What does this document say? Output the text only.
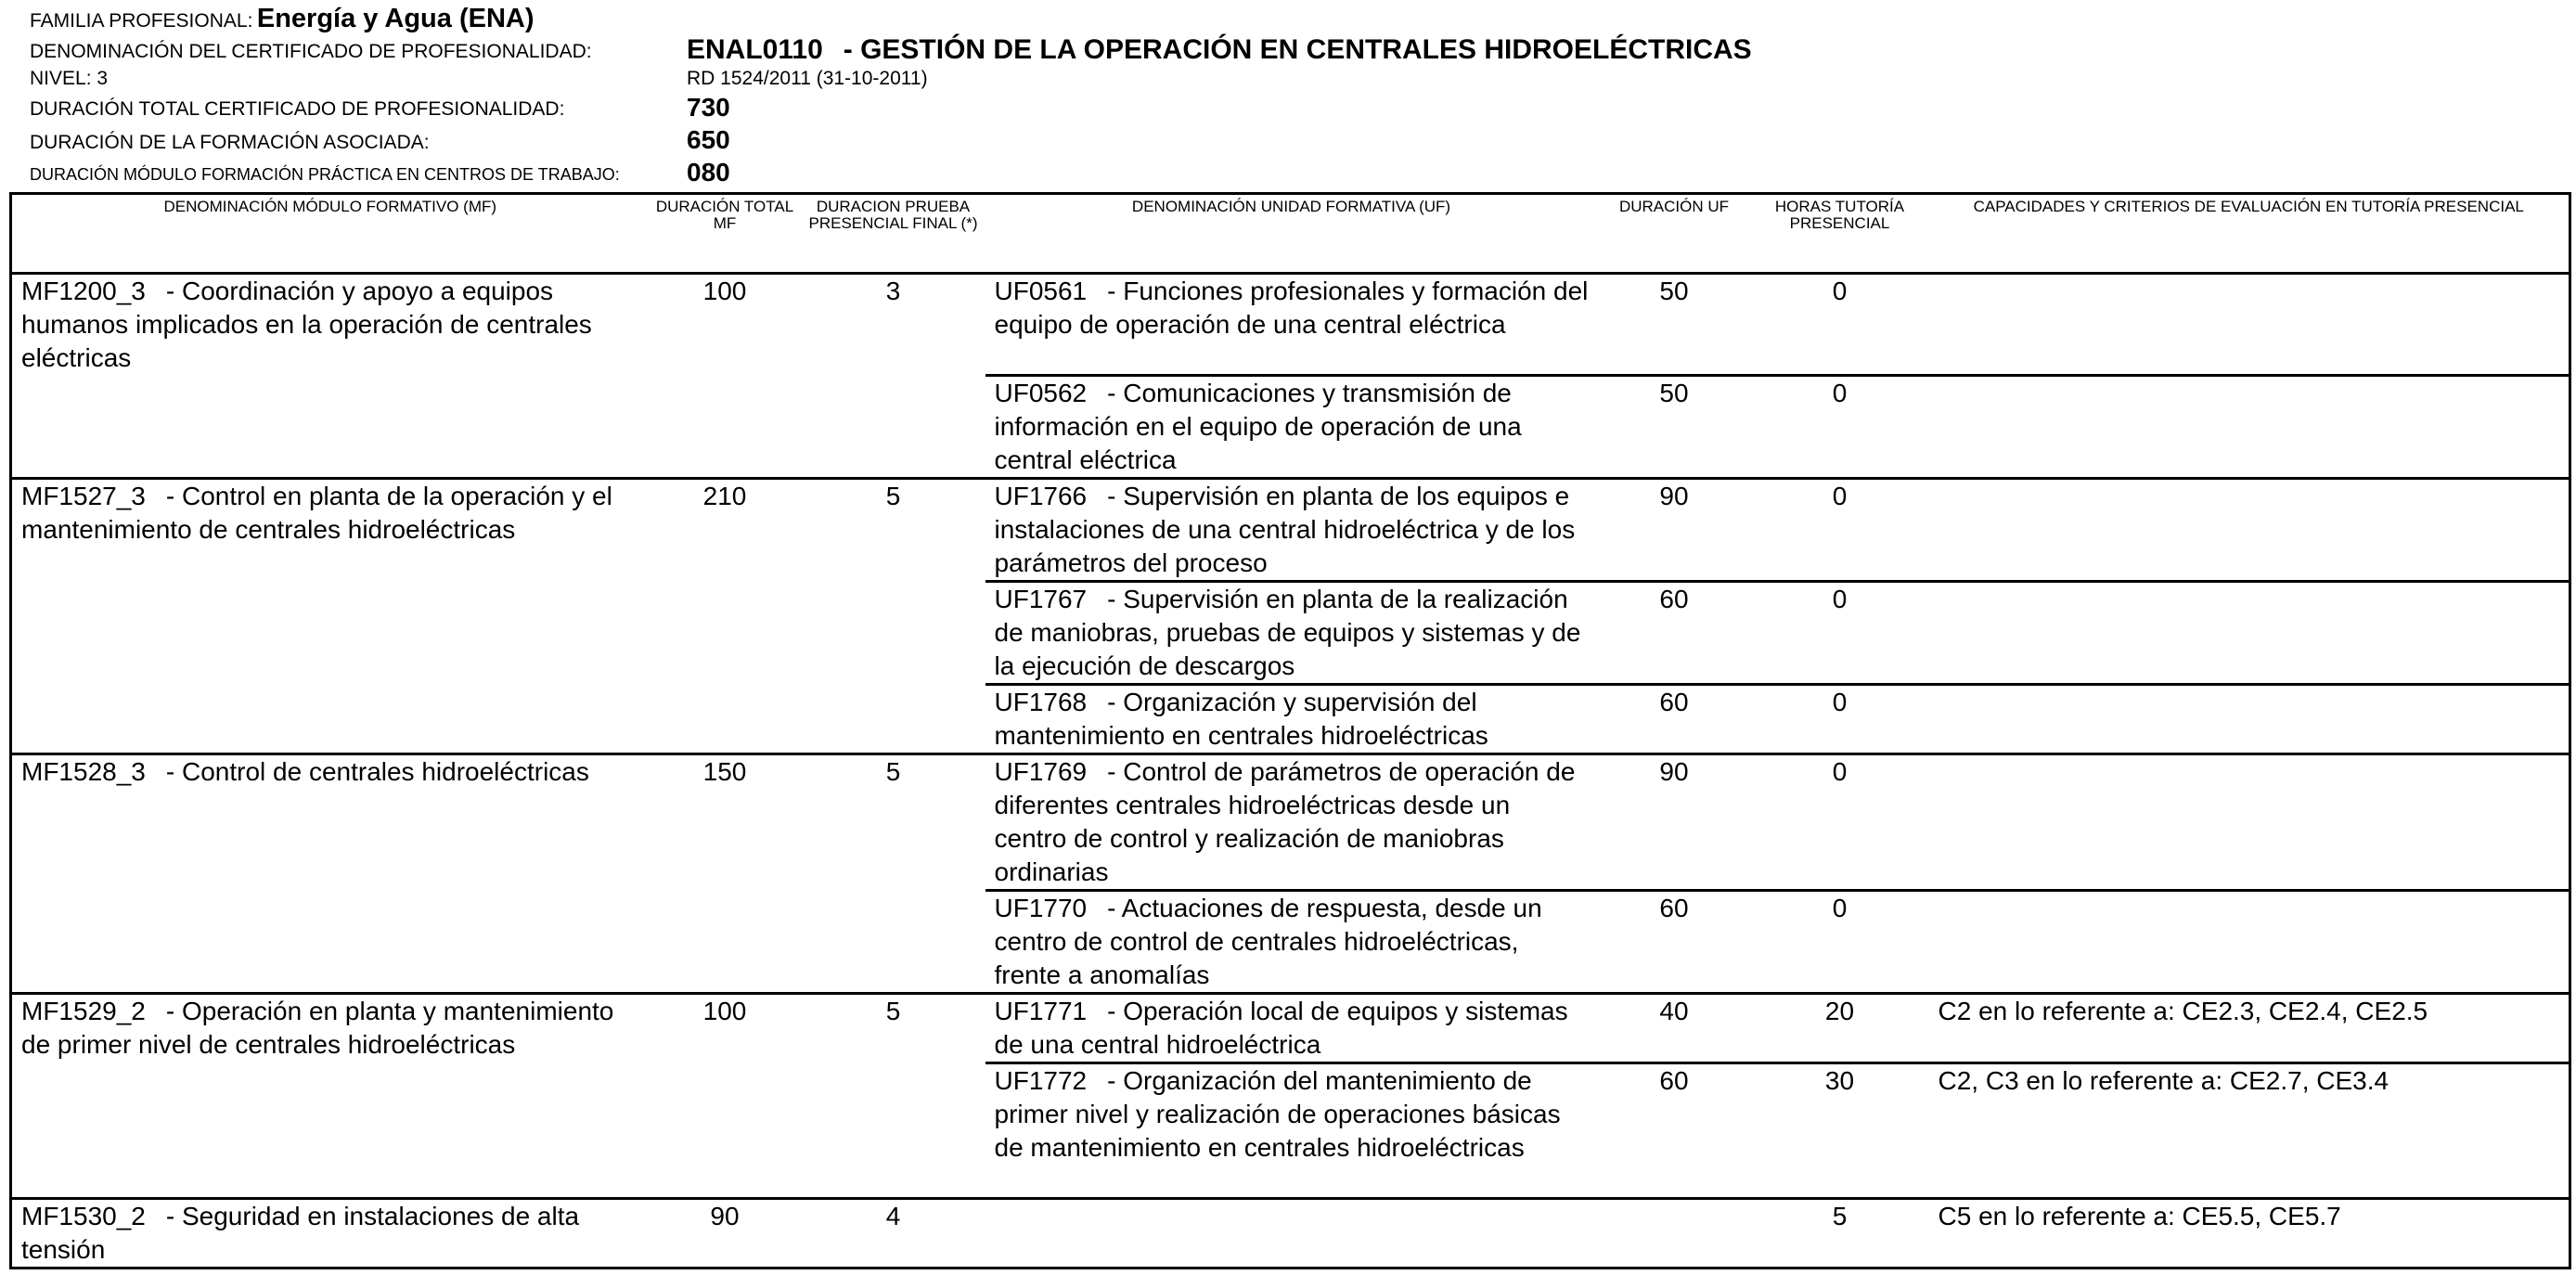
FAMILIA PROFESIONAL: Energía y Agua (ENA)
DENOMINACIÓN DEL CERTIFICADO DE PROFESIONALIDAD:	ENAL0110 - GESTIÓN DE LA OPERACIÓN EN CENTRALES HIDROELÉCTRICAS
NIVEL: 3	RD 1524/2011 (31-10-2011)
DURACIÓN TOTAL CERTIFICADO DE PROFESIONALIDAD:	730
DURACIÓN DE LA FORMACIÓN ASOCIADA:	650
DURACIÓN MÓDULO FORMACIÓN PRÁCTICA EN CENTROS DE TRABAJO:	080
DENOMINACIÓN MÓDULO FORMATIVO (MF)	DURACIÓN TOTAL MF	DURACION PRUEBA PRESENCIAL FINAL (*)	DENOMINACIÓN UNIDAD FORMATIVA (UF)	DURACIÓN UF	HORAS TUTORÍA PRESENCIAL	CAPACIDADES Y CRITERIOS DE EVALUACIÓN EN TUTORÍA PRESENCIAL
MF1200_3 - Coordinación y apoyo a equipos humanos implicados en la operación de centrales eléctricas	100	3	UF0561 - Funciones profesionales y formación del equipo de operación de una central eléctrica	50	0	
			UF0562 - Comunicaciones y transmisión de información en el equipo de operación de una central eléctrica	50	0	
MF1527_3 - Control en planta de la operación y el mantenimiento de centrales hidroeléctricas	210	5	UF1766 - Supervisión en planta de los equipos e instalaciones de una central hidroeléctrica y de los parámetros del proceso	90	0	
			UF1767 - Supervisión en planta de la realización de maniobras, pruebas de equipos y sistemas y de la ejecución de descargos	60	0	
			UF1768 - Organización y supervisión del mantenimiento en centrales hidroeléctricas	60	0	
MF1528_3 - Control de centrales hidroeléctricas	150	5	UF1769 - Control de parámetros de operación de diferentes centrales hidroeléctricas desde un centro de control y realización de maniobras ordinarias	90	0	
			UF1770 - Actuaciones de respuesta, desde un centro de control de centrales hidroeléctricas, frente a anomalías	60	0	
MF1529_2 - Operación en planta y mantenimiento de primer nivel de centrales hidroeléctricas	100	5	UF1771 - Operación local de equipos y sistemas de una central hidroeléctrica	40	20	C2 en lo referente a: CE2.3, CE2.4, CE2.5
			UF1772 - Organización del mantenimiento de primer nivel y realización de operaciones básicas de mantenimiento en centrales hidroeléctricas	60	30	C2, C3 en lo referente a: CE2.7, CE3.4
MF1530_2 - Seguridad en instalaciones de alta tensión	90	4			5	C5 en lo referente a: CE5.5, CE5.7
